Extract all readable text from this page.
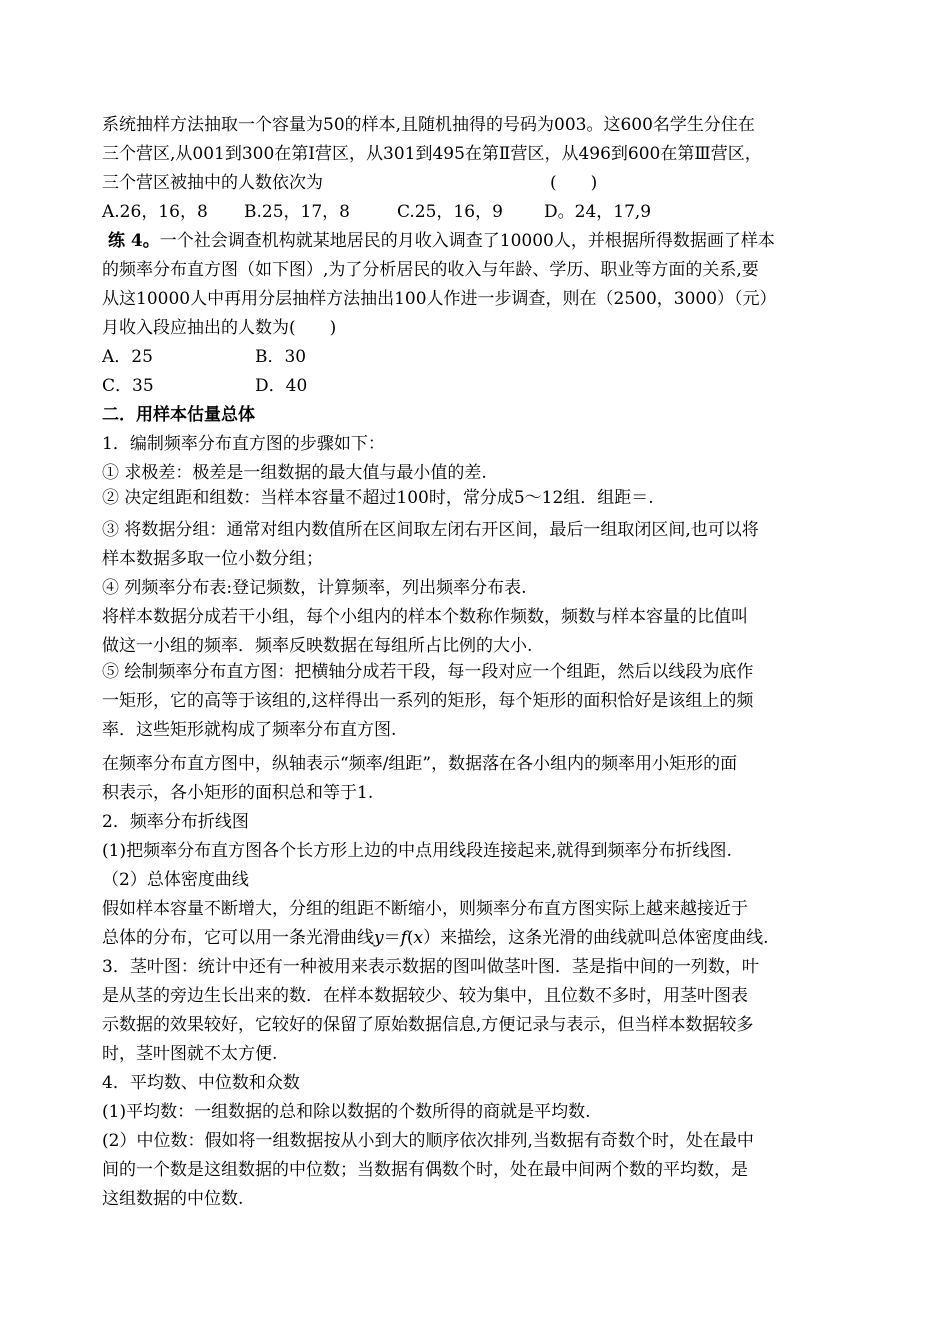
系统抽样方法抽取一个容量为50的样本,且随机抽得的号码为003。这600名学生分住在
三个营区,从001到300在第Ⅰ营区，从301到495在第Ⅱ营区，从496到600在第Ⅲ营区，
三个营区被抽中的人数依次为	(　　)
A.26，16，8 B.25，17，8	C.25，16，9 D。24，17,9
练 4。一个社会调查机构就某地居民的月收入调查了10000人，并根据所得数据画了样本
的频率分布直方图（如下图）,为了分析居民的收入与年龄、学历、职业等方面的关系,要
从这10000人中再用分层抽样方法抽出100人作进一步调查，则在（2500，3000）（元）
月收入段应抽出的人数为(　　)
A．25	B．30
C．35	D．40
二．用样本估量总体
1．编制频率分布直方图的步骤如下：
① 求极差：极差是一组数据的最大值与最小值的差.
② 决定组距和组数：当样本容量不超过100时，常分成5～12组．组距＝.
③ 将数据分组：通常对组内数值所在区间取左闭右开区间，最后一组取闭区间,也可以将
样本数据多取一位小数分组；
④ 列频率分布表:登记频数，计算频率，列出频率分布表.
将样本数据分成若干小组，每个小组内的样本个数称作频数，频数与样本容量的比值叫
做这一小组的频率．频率反映数据在每组所占比例的大小.
⑤ 绘制频率分布直方图：把横轴分成若干段，每一段对应一个组距，然后以线段为底作
一矩形，它的高等于该组的,这样得出一系列的矩形，每个矩形的面积恰好是该组上的频
率．这些矩形就构成了频率分布直方图.
在频率分布直方图中，纵轴表示“频率/组距”，数据落在各小组内的频率用小矩形的面
积表示，各小矩形的面积总和等于1.
2．频率分布折线图
(1)把频率分布直方图各个长方形上边的中点用线段连接起来,就得到频率分布折线图.
（2）总体密度曲线
假如样本容量不断增大，分组的组距不断缩小，则频率分布直方图实际上越来越接近于
总体的分布，它可以用一条光滑曲线y＝f(x）来描绘，这条光滑的曲线就叫总体密度曲线.
3．茎叶图：统计中还有一种被用来表示数据的图叫做茎叶图．茎是指中间的一列数，叶
是从茎的旁边生长出来的数．在样本数据较少、较为集中，且位数不多时，用茎叶图表
示数据的效果较好，它较好的保留了原始数据信息,方便记录与表示，但当样本数据较多
时，茎叶图就不太方便.
4．平均数、中位数和众数
(1)平均数：一组数据的总和除以数据的个数所得的商就是平均数.
(2）中位数：假如将一组数据按从小到大的顺序依次排列,当数据有奇数个时，处在最中
间的一个数是这组数据的中位数；当数据有偶数个时，处在最中间两个数的平均数，是
这组数据的中位数.
